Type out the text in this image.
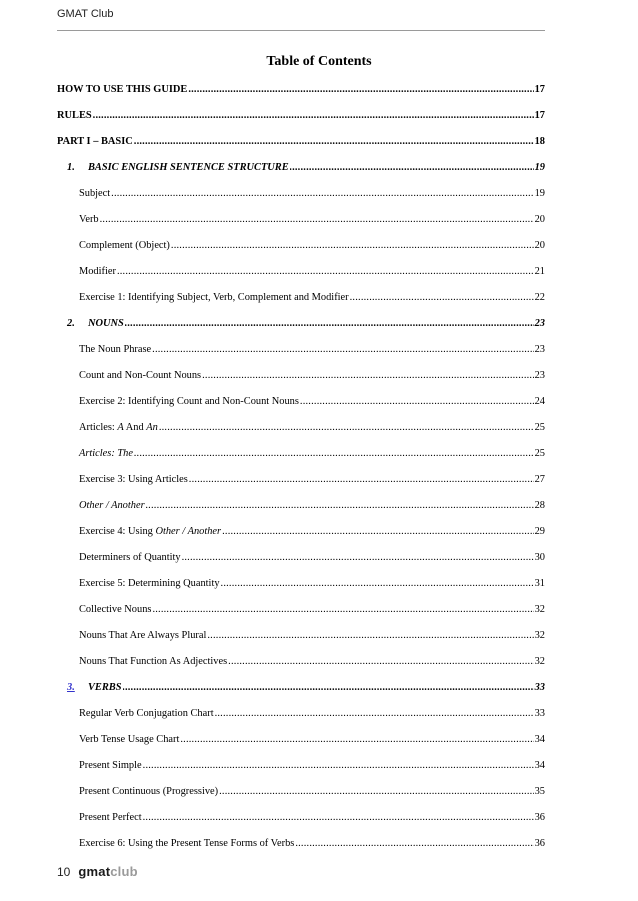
GMAT Club
Table of Contents
HOW TO USE THIS GUIDE .....	17
RULES .....	17
PART I – BASIC .....	18
1. BASIC ENGLISH SENTENCE STRUCTURE .....	19
Subject .....	19
Verb .....	20
Complement (Object) .....	20
Modifier .....	21
Exercise 1: Identifying Subject, Verb, Complement and Modifier .....	22
2. NOUNS .....	23
The Noun Phrase .....	23
Count and Non-Count Nouns .....	23
Exercise 2: Identifying Count and Non-Count Nouns .....	24
Articles: A And An .....	25
Articles: The .....	25
Exercise 3: Using Articles .....	27
Other / Another .....	28
Exercise 4: Using Other / Another .....	29
Determiners of Quantity .....	30
Exercise 5: Determining Quantity .....	31
Collective Nouns .....	32
Nouns That Are Always Plural .....	32
Nouns That Function As Adjectives .....	32
3. VERBS .....	33
Regular Verb Conjugation Chart .....	33
Verb Tense Usage Chart .....	34
Present Simple .....	34
Present Continuous (Progressive) .....	35
Present Perfect .....	36
Exercise 6: Using the Present Tense Forms of Verbs .....	36
10 gmatclub
